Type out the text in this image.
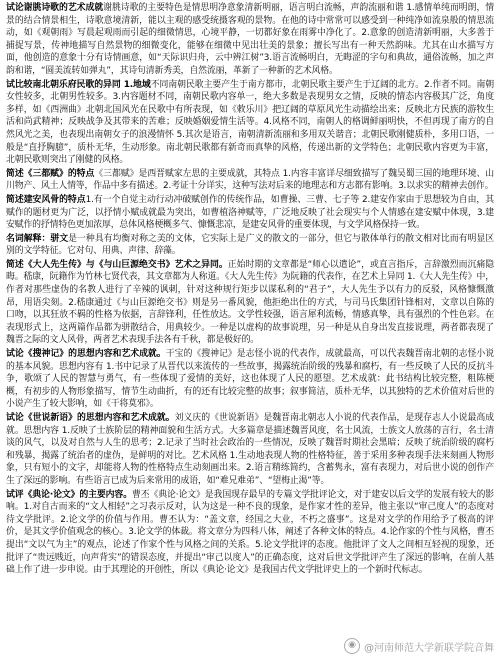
试论谢朓诗歌的艺术成就谢朓诗歌的主要特色是情思明净意象清新明丽，语言明白流畅，声韵流丽和谐 1.感情单纯而明朗，情景的结合情景相生，诗歌意境清新，能以主观的感受统摄客观的景物。在他的诗中常常可以感受到一种纯净如流泉般的情思流动，如《观朝雨》写晨起观雨而引起的细微情思，心境平静，一切都好象在雨雾中净化了。2.意象的创造清新明丽，大多善于捕捉写景，传神地描写自然景物的细微变化，能够在细微中见出壮美的景象；擅长写出有一种天然韵味。尤其在山水描写方面，他创造的意象十分有诗情画意，如“天际识归舟，云中辨江树”3.语言流畅明白，无晦涩的字句和典故，通俗流畅，加之声韵和谐，“圆美流转如弹丸”，其诗句清新秀美，自然流丽，革新了一种新的艺术风格。

试比较南北朝乐府民歌的异同 1.地域不同南朝民歌主要产生于南方都市，北朝民歌主要产生于辽阔的北方。2.作者不同。南朝女性较多，北朝男性较多。3.内容题材不同，南朝民歌内容单一，绝大多数是表现男女之情，反映的情态内容极其广泛，角度多样，如《西洲曲》北朝北国风光在民歌中有所表现，如《敕乐川》把辽阔的草原风光生动描绘出来；反映北方民族的游牧生活和尚武精神；反映战争及其带来的苦难；反映婚姻爱情生活等。4.风格不同，南朝人的格调鲜丽明快，不但再现了南方的自然风光之美，也表现出南朝女子的浪漫情怀 5.其次是语言，南朝清新流丽和多用双关谐音；北朝民歌刚健质朴，多用口语，一般是“直抒胸臆”，质朴无华，生动形象。南北朝民歌都有新奇而真挚的风格，传递出新的文学特色；北朝民歌内容更为丰富，北朝民歌则突出了刚健的风格。

简述《三都赋》的特点《三都赋》是西晋赋家左思的主要成就，其特点 1.内容丰富详尽细致描写了魏吴蜀三国的地理环境、山川物产、风土人情等，作品中多有描述。2.考证十分详实，这种写法对后来的地理志和方志都有影响。3.以求实的精神去创作。

简述建安风骨的特点1.有一个自觉主动行动冲破赋创作的传统作品，如曹操、三曹、七子等 2.建安作家由于思想较为自由，其赋作的题材更为广泛，以抒情小赋成就最为突出，如曹植洛神赋等，广泛地反映了社会现实与个人情感在建安赋中体现，3.建安赋作的抒情特色更加浓厚，总体风格梗概多气、慷慨悲凉，是建安风骨的重要体现，与文学风格保持一致。

名词解释：骈文是一种具有均衡对称之美的文体，它实际上是广义的散文的一部分，但它与散体单行的散文相对比而有明显区别的文学特征。它对句、用典、声律、辞藻。

简述《大人先生传》与《与山巨源绝交书》艺术之异同。正始时期的文章都是“师心以遣论”，或直言指斥，言辞激烈而沉痛隐晦。嵇康，阮籍作为竹林七贤代表，其文章都为人称道。《大人先生传》为阮籍的代表作，在艺术上异同 1.《大人先生传》中，作者对那些虚伪的名教人进行了辛辣的讽刺，针对这种规行矩步以谋私利的“君子”，大人先生予以有力的反驳，风格慷慨激昂，用语尖刻。2.嵇康通过《与山巨源绝交书》则是另一番风貌，他拒绝出仕的方式，与司马氏集团针锋相对，文章以自陈的口吻，以其狂放不羁的性格为依据，言辞锋利，任性放达。文学性较强，语言犀利流畅，情感真挚，具有强烈的个性色彩。在表现形式上，这两篇作品都为骈散结合，用典较少。一种是以虚构的故事说理，另一种是从自身出发直接说理，两者都表现了魏晋之际的文人风骨，两者艺术表现手法各有千秋，都是极好的。

试论《搜神记》的思想内容和艺术成就。干宝的《搜神记》是志怪小说的代表作，成就最高，可以代表魏晋南北朝的志怪小说的基本风貌。思想内容有 1.书中记录了从晋代以来流传的一些故事，揭露统治阶级的残暴和腐朽，有一些反映了人民的反抗斗争，歌颂了人民的智慧与勇气，有一些体现了爱情的美好，这也体现了人民的愿望。艺术成就：此书结构比较完整，粗陈梗概，有初步的人物形象描写，情节生动曲折，有的还有比较完整的故事；叙事简洁，质朴无华，以其独特的艺术价值对后世的小说产生了较大影响，如《干将莫邪》。

试论《世说新语》的思想内容和艺术成就。刘义庆的《世说新语》是魏晋南北朝志人小说的代表作品，是现存志人小说最高成就。思想内容 1.反映了士族阶层的精神面貌和生活方式。大多篇章是描述魏晋风度，名士风流，士族文人放荡的言行，名士清谈的风气，以及对自然与人生的思考；2.记录了当时社会政治的一些情况，反映了魏晋时期社会黑暗；反映了统治阶级的腐朽和残暴，揭露了统治者的虚伪，是鲜明的对比。艺术风格 1.生动地表现人物的性格特征，善于采用多种表现手法来刻画人物形象，只有短小的文字，却能将人物的性格特点生动刻画出来。2.语言精练简约，含蓄隽永，富有表现力，对后世小说的创作产生了深远的影响。有些语言已成为后来常用的成语，如“难兄难弟”、“望梅止渴”等。

试评《典论·论文》的主要内容。曹丕《典论·论文》是我国现存最早的专篇文学批评论文，对于建安以后文学的发展有较大的影响。1.对自古而来的“文人相轻”之习表示反对，认为这是一种不良的现象，是作家才性的差异，他主张以“审己度人”的态度对待文学批评。2.论文学的价值与作用。曹丕认为：“盖文章，经国之大业，不朽之盛事”。这是对文学的作用给予了极高的评价，是其文学价值观念的核心。3.论文学的体裁。将文章分为四科八体，阐述了各种文体的特点。4.论作家的个性与风格，曹丕提出“文以气为主”的观点，论述了作家个性与风格之间的关系。5.论文学批评的态度。他批评了文人之间相互轻视的现象，还批评了“贵远贱近，向声背实”的错误态度，并提出“审己以度人”的正确态度，这对后世文学批评产生了深远的影响，在前人基础上作了进一步申说。由于其理论的开创性，所以《典论·论文》是我国古代文学批评史上的一个新时代标志。

◉ @河南师范大学新联学院音舞
